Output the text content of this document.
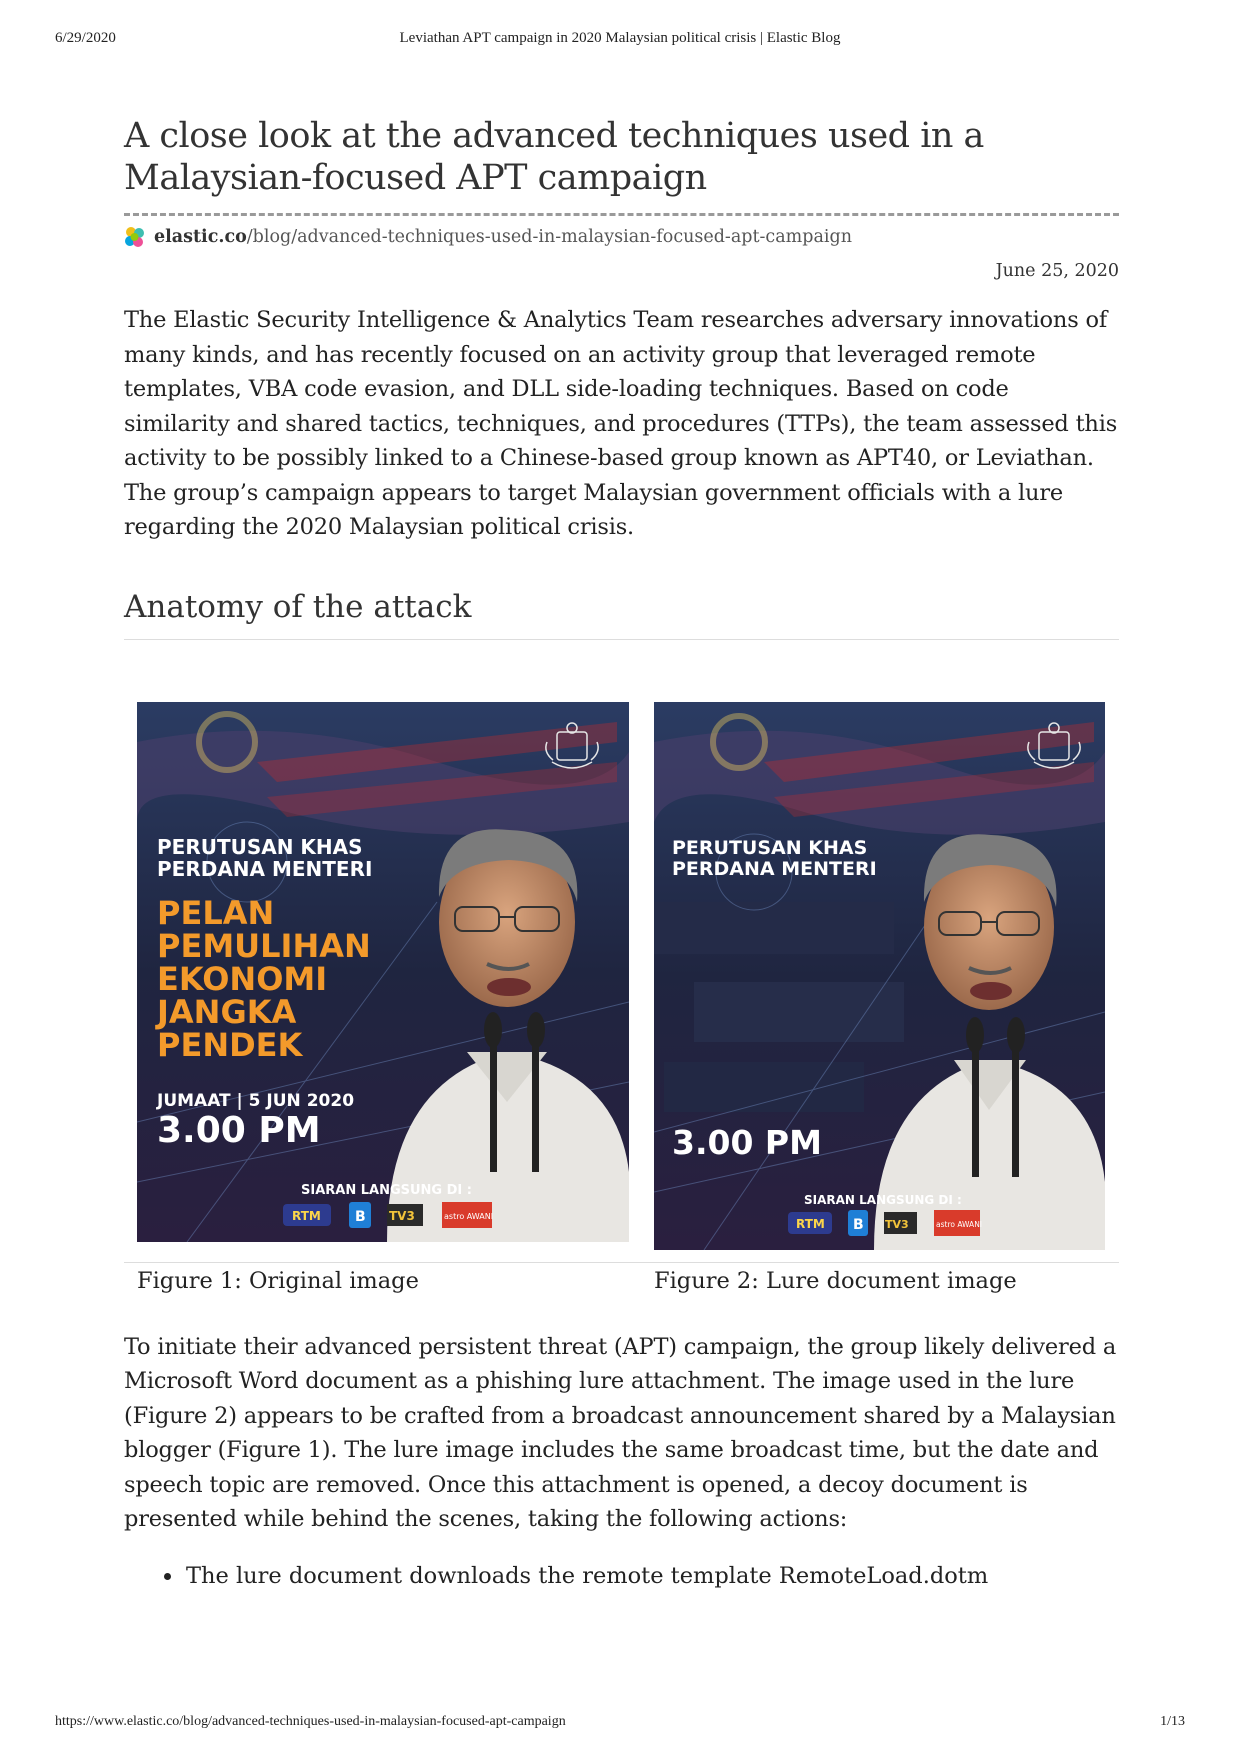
6/29/2020	Leviathan APT campaign in 2020 Malaysian political crisis | Elastic Blog
A close look at the advanced techniques used in a Malaysian-focused APT campaign
elastic.co /blog/advanced-techniques-used-in-malaysian-focused-apt-campaign
June 25, 2020

The Elastic Security Intelligence & Analytics Team researches adversary innovations of many kinds, and has recently focused on an activity group that leveraged remote templates, VBA code evasion, and DLL side-loading techniques. Based on code similarity and shared tactics, techniques, and procedures (TTPs), the team assessed this activity to be possibly linked to a Chinese-based group known as APT40, or Leviathan. The group’s campaign appears to target Malaysian government officials with a lure regarding the 2020 Malaysian political crisis.

Anatomy of the attack
PERUTUSAN KHAS
PERDANA MENTERI
PELAN
PEMULIHAN
EKONOMI
JANGKA
PENDEK
JUMAAT | 5 JUN 2020
3.00 PM
SIARAN LANGSUNG DI :
RTM B TV3	astro AWANI
PERUTUSAN KHAS
PERDANA MENTERI
3.00 PM
SIARAN LANGSUNG DI :
RTM B TV3	astro AWANI
Figure 1: Original image	Figure 2: Lure document image

To initiate their advanced persistent threat (APT) campaign, the group likely delivered a Microsoft Word document as a phishing lure attachment. The image used in the lure (Figure 2) appears to be crafted from a broadcast announcement shared by a Malaysian blogger (Figure 1). The lure image includes the same broadcast time, but the date and speech topic are removed. Once this attachment is opened, a decoy document is presented while behind the scenes, taking the following actions:

• The lure document downloads the remote template RemoteLoad.dotm
https://www.elastic.co/blog/advanced-techniques-used-in-malaysian-focused-apt-campaign	1/13
